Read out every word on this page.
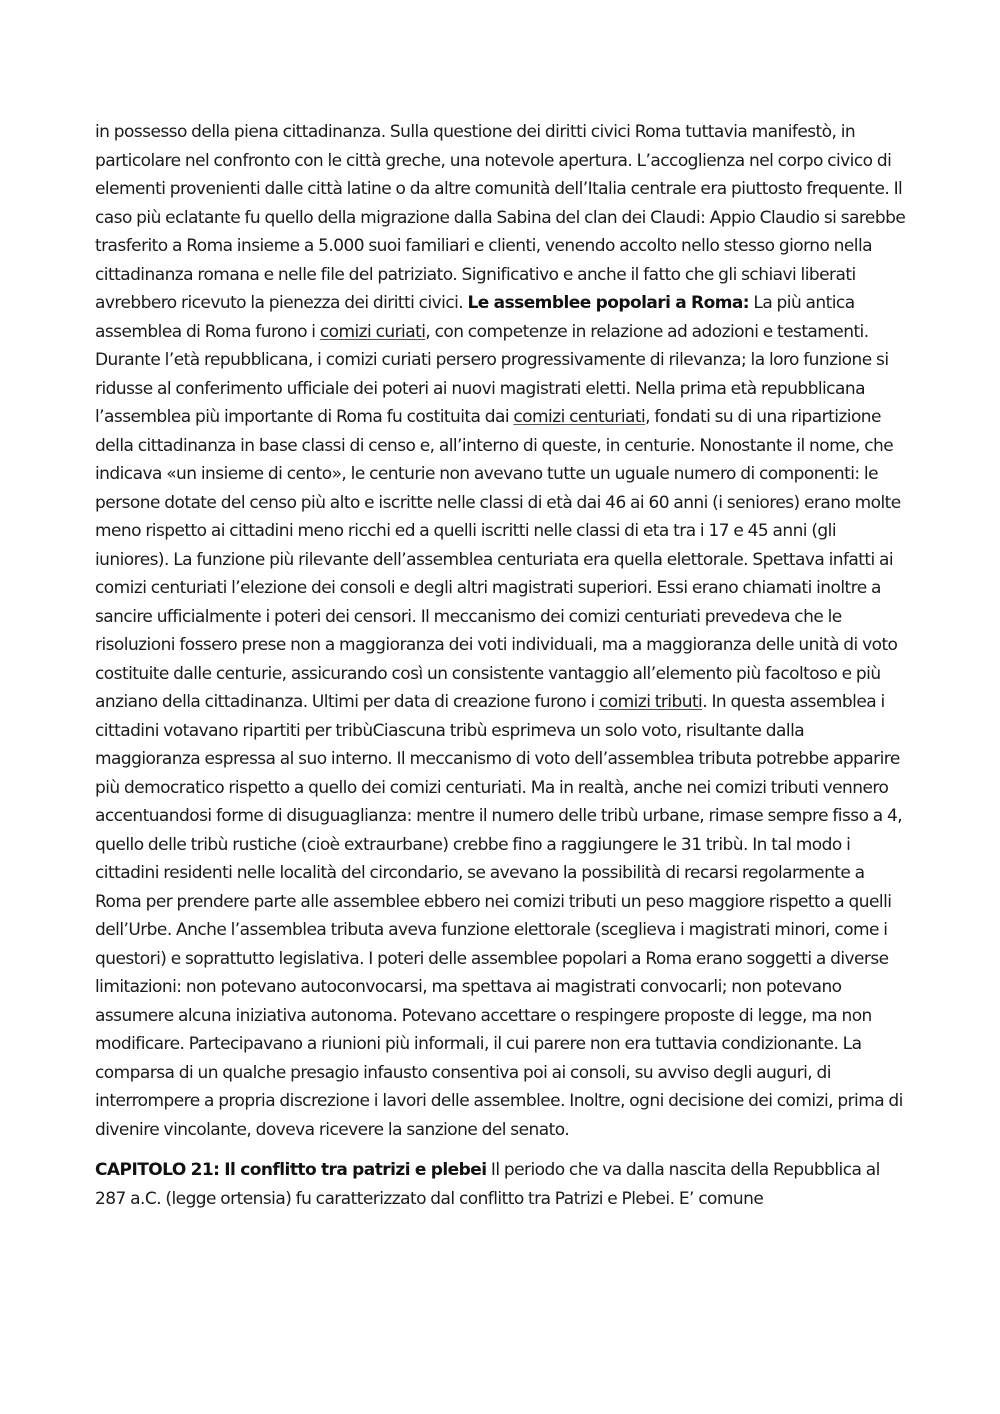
in possesso della piena cittadinanza. Sulla questione dei diritti civici Roma tuttavia manifestò, in particolare nel confronto con le città greche, una notevole apertura. L’accoglienza nel corpo civico di elementi provenienti dalle città latine o da altre comunità dell’Italia centrale era piuttosto frequente. Il caso più eclatante fu quello della migrazione dalla Sabina del clan dei Claudi: Appio Claudio si sarebbe trasferito a Roma insieme a 5.000 suoi familiari e clienti, venendo accolto nello stesso giorno nella cittadinanza romana e nelle file del patriziato. Significativo e anche il fatto che gli schiavi liberati avrebbero ricevuto la pienezza dei diritti civici. Le assemblee popolari a Roma: La più antica assemblea di Roma furono i comizi curiati, con competenze in relazione ad adozioni e testamenti. Durante l’età repubblicana, i comizi curiati persero progressivamente di rilevanza; la loro funzione si ridusse al conferimento ufficiale dei poteri ai nuovi magistrati eletti. Nella prima età repubblicana l’assemblea più importante di Roma fu costituita dai comizi centuriati, fondati su di una ripartizione della cittadinanza in base classi di censo e, all’interno di queste, in centurie. Nonostante il nome, che indicava «un insieme di cento», le centurie non avevano tutte un uguale numero di componenti: le persone dotate del censo più alto e iscritte nelle classi di età dai 46 ai 60 anni (i seniores) erano molte meno rispetto ai cittadini meno ricchi ed a quelli iscritti nelle classi di eta tra i 17 e 45 anni (gli iuniores). La funzione più rilevante dell’assemblea centuriata era quella elettorale. Spettava infatti ai comizi centuriati l’elezione dei consoli e degli altri magistrati superiori. Essi erano chiamati inoltre a sancire ufficialmente i poteri dei censori. Il meccanismo dei comizi centuriati prevedeva che le risoluzioni fossero prese non a maggioranza dei voti individuali, ma a maggioranza delle unità di voto costituite dalle centurie, assicurando così un consistente vantaggio all’elemento più facoltoso e più anziano della cittadinanza. Ultimi per data di creazione furono i comizi tributi. In questa assemblea i cittadini votavano ripartiti per tribùCiascuna tribù esprimeva un solo voto, risultante dalla maggioranza espressa al suo interno. Il meccanismo di voto dell’assemblea tributa potrebbe apparire più democratico rispetto a quello dei comizi centuriati. Ma in realtà, anche nei comizi tributi vennero accentuandosi forme di disuguaglianza: mentre il numero delle tribù urbane, rimase sempre fisso a 4, quello delle tribù rustiche (cioè extraurbane) crebbe fino a raggiungere le 31 tribù. In tal modo i cittadini residenti nelle località del circondario, se avevano la possibilità di recarsi regolarmente a Roma per prendere parte alle assemblee ebbero nei comizi tributi un peso maggiore rispetto a quelli dell’Urbe. Anche l’assemblea tributa aveva funzione elettorale (sceglieva i magistrati minori, come i questori) e soprattutto legislativa. I poteri delle assemblee popolari a Roma erano soggetti a diverse limitazioni: non potevano autoconvocarsi, ma spettava ai magistrati convocarli; non potevano assumere alcuna iniziativa autonoma. Potevano accettare o respingere proposte di legge, ma non modificare. Partecipavano a riunioni più informali, il cui parere non era tuttavia condizionante. La comparsa di un qualche presagio infausto consentiva poi ai consoli, su avviso degli auguri, di interrompere a propria discrezione i lavori delle assemblee. Inoltre, ogni decisione dei comizi, prima di divenire vincolante, doveva ricevere la sanzione del senato.

CAPITOLO 21: Il conflitto tra patrizi e plebei Il periodo che va dalla nascita della Repubblica al 287 a.C. (legge ortensia) fu caratterizzato dal conflitto tra Patrizi e Plebei. E’ comune
